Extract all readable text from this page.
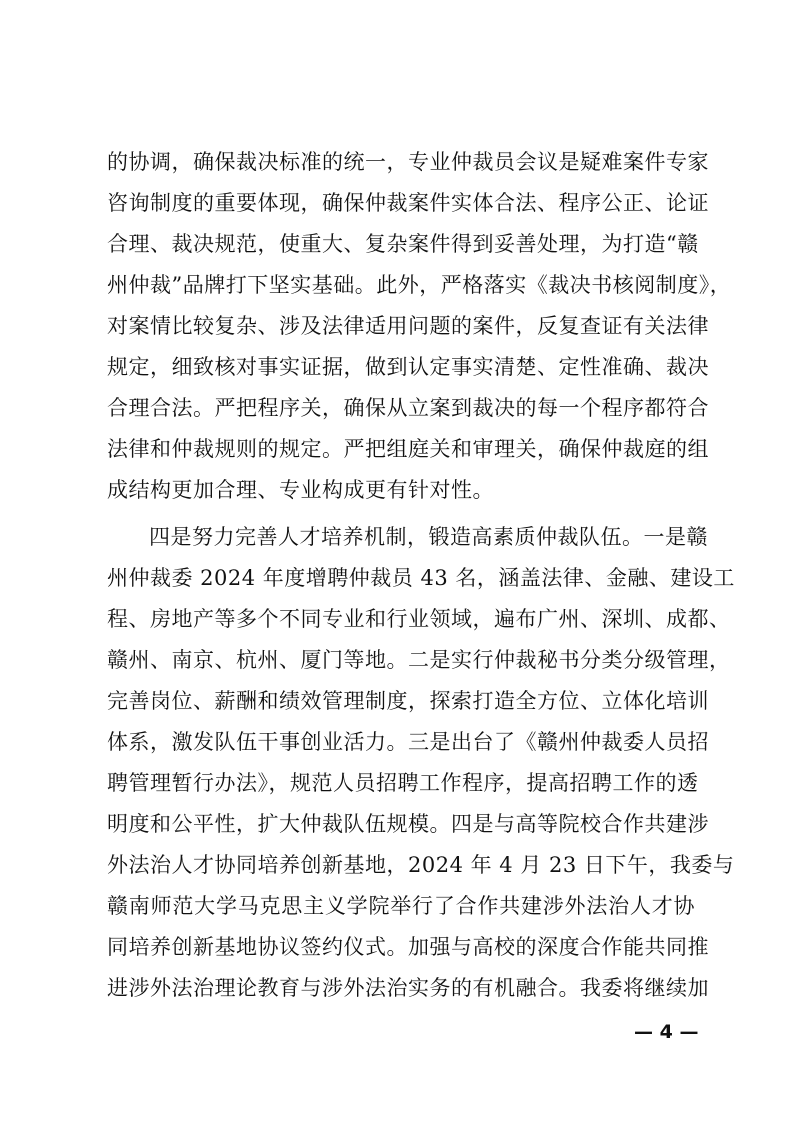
的协调，确保裁决标准的统一，专业仲裁员会议是疑难案件专家
咨询制度的重要体现，确保仲裁案件实体合法、程序公正、论证
合理、裁决规范，使重大、复杂案件得到妥善处理，为打造“赣
州仲裁”品牌打下坚实基础。此外，严格落实《裁决书核阅制度》，
对案情比较复杂、涉及法律适用问题的案件，反复查证有关法律
规定，细致核对事实证据，做到认定事实清楚、定性准确、裁决
合理合法。严把程序关，确保从立案到裁决的每一个程序都符合
法律和仲裁规则的规定。严把组庭关和审理关，确保仲裁庭的组
成结构更加合理、专业构成更有针对性。
四是努力完善人才培养机制，锻造高素质仲裁队伍。一是赣
州仲裁委 2024 年度增聘仲裁员 43 名，涵盖法律、金融、建设工
程、房地产等多个不同专业和行业领域，遍布广州、深圳、成都、
赣州、南京、杭州、厦门等地。二是实行仲裁秘书分类分级管理，
完善岗位、薪酬和绩效管理制度，探索打造全方位、立体化培训
体系，激发队伍干事创业活力。三是出台了《赣州仲裁委人员招
聘管理暂行办法》，规范人员招聘工作程序，提高招聘工作的透
明度和公平性，扩大仲裁队伍规模。四是与高等院校合作共建涉
外法治人才协同培养创新基地，2024 年 4 月 23 日下午，我委与
赣南师范大学马克思主义学院举行了合作共建涉外法治人才协
同培养创新基地协议签约仪式。加强与高校的深度合作能共同推
进涉外法治理论教育与涉外法治实务的有机融合。我委将继续加
— 4 —
